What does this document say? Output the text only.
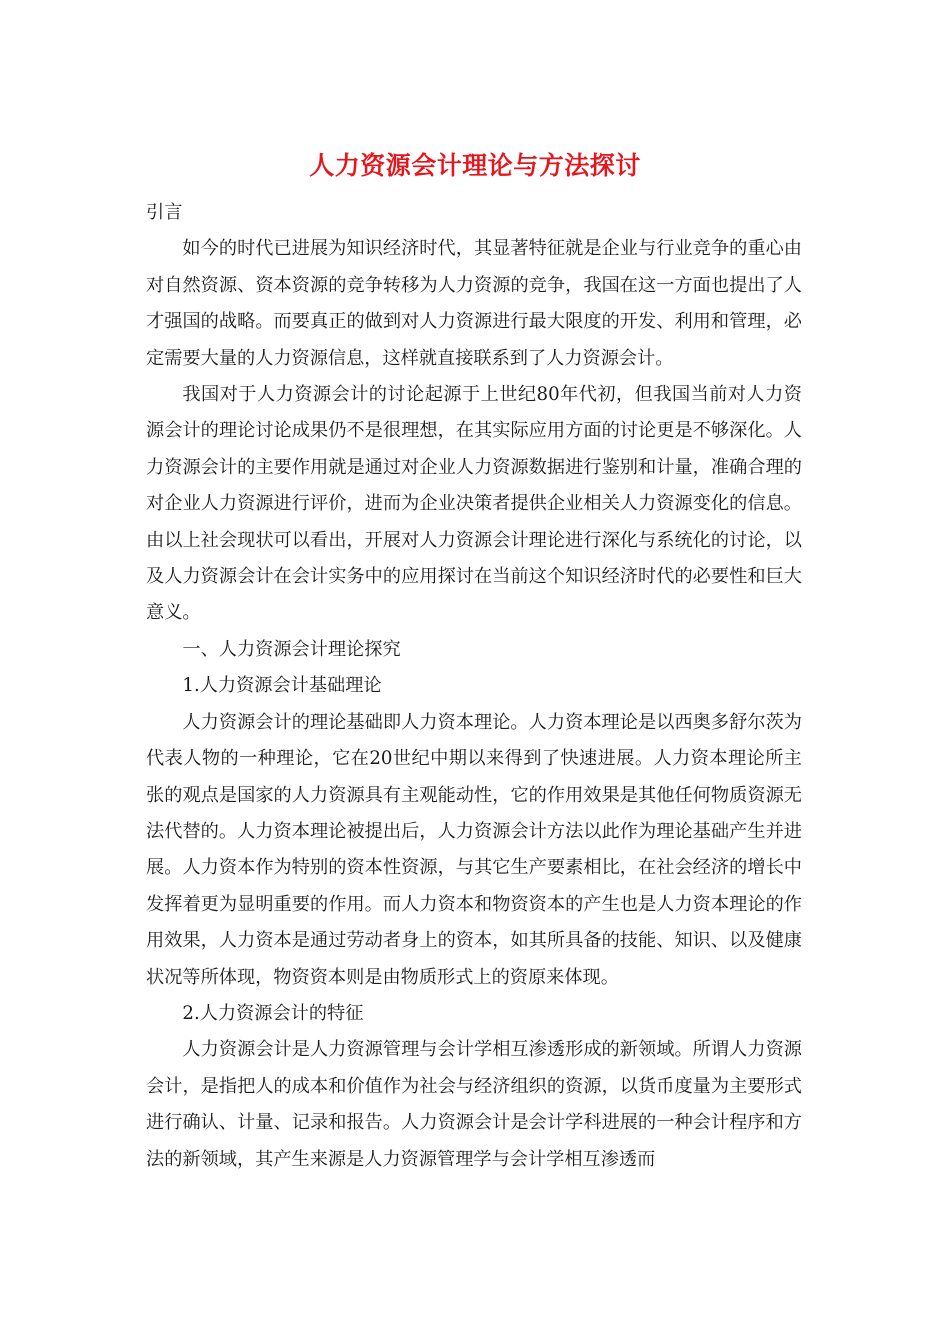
人力资源会计理论与方法探讨

引言

如今的时代已进展为知识经济时代，其显著特征就是企业与行业竞争的重心由对自然资源、资本资源的竞争转移为人力资源的竞争，我国在这一方面也提出了人才强国的战略。而要真正的做到对人力资源进行最大限度的开发、利用和管理，必定需要大量的人力资源信息，这样就直接联系到了人力资源会计。

我国对于人力资源会计的讨论起源于上世纪80年代初，但我国当前对人力资源会计的理论讨论成果仍不是很理想，在其实际应用方面的讨论更是不够深化。人力资源会计的主要作用就是通过对企业人力资源数据进行鉴别和计量，准确合理的对企业人力资源进行评价，进而为企业决策者提供企业相关人力资源变化的信息。由以上社会现状可以看出，开展对人力资源会计理论进行深化与系统化的讨论，以及人力资源会计在会计实务中的应用探讨在当前这个知识经济时代的必要性和巨大意义。

一、人力资源会计理论探究

1.人力资源会计基础理论

人力资源会计的理论基础即人力资本理论。人力资本理论是以西奥多舒尔茨为代表人物的一种理论，它在20世纪中期以来得到了快速进展。人力资本理论所主张的观点是国家的人力资源具有主观能动性，它的作用效果是其他任何物质资源无法代替的。人力资本理论被提出后，人力资源会计方法以此作为理论基础产生并进展。人力资本作为特别的资本性资源，与其它生产要素相比，在社会经济的增长中发挥着更为显明重要的作用。而人力资本和物资资本的产生也是人力资本理论的作用效果，人力资本是通过劳动者身上的资本，如其所具备的技能、知识、以及健康状况等所体现，物资资本则是由物质形式上的资原来体现。

2.人力资源会计的特征

人力资源会计是人力资源管理与会计学相互渗透形成的新领域。所谓人力资源会计，是指把人的成本和价值作为社会与经济组织的资源，以货币度量为主要形式进行确认、计量、记录和报告。人力资源会计是会计学科进展的一种会计程序和方法的新领域，其产生来源是人力资源管理学与会计学相互渗透而
